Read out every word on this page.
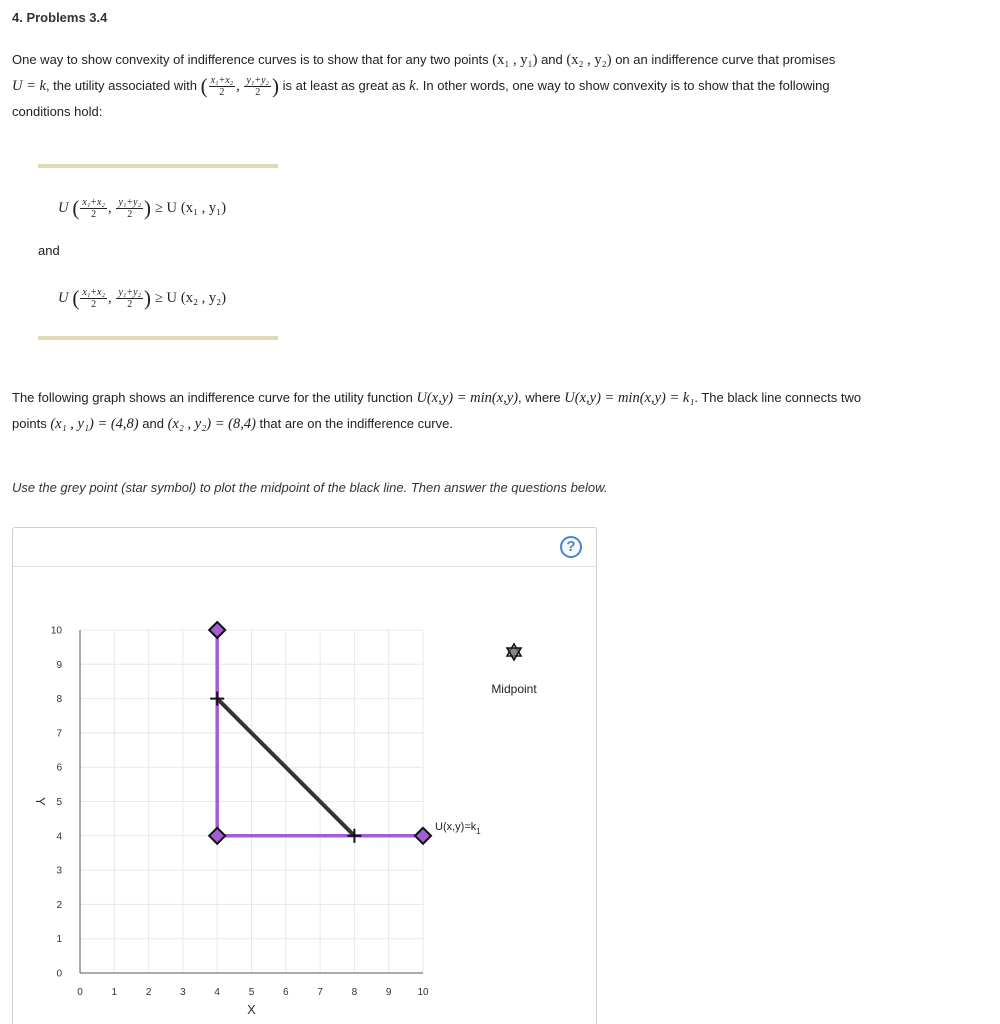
4. Problems 3.4
One way to show convexity of indifference curves is to show that for any two points (x₁ , y₁) and (x₂ , y₂) on an indifference curve that promises
U = k, the utility associated with ( $\frac{\text{x₁+x₂}}{2}$ , $\frac{\text{y₁+y₂}}{2}$ ) is at least as great as k. In other words, one way to show convexity is to show that the following
conditions hold:
U
( $\frac{\text{x₁+x₂}}{2}$ ,
$\frac{\text{y₁+y₂}}{2}$ )
≥ U
(x₁ , y₁)
and
U
( $\frac{\text{x₁+x₂}}{2}$ ,
$\frac{\text{y₁+y₂}}{2}$ )
≥ U
(x₂ , y₂)
The following graph shows an indifference curve for the utility function U(x,y) = min(x,y), where U(x,y) = min(x,y) = k₁. The black line connects two
points (x₁ , y₁) = (4,8) and (x₂ , y₂) = (8,4) that are on the indifference curve.
Use the grey point (star symbol) to plot the midpoint of the black line. Then answer the questions below.
?
0	1	2	3	4	5	6	7	8	9	10
0
1
2
3
4
5
6
7
8
9
10
X
Y
$U(x,y)=k_1$
Midpoint
